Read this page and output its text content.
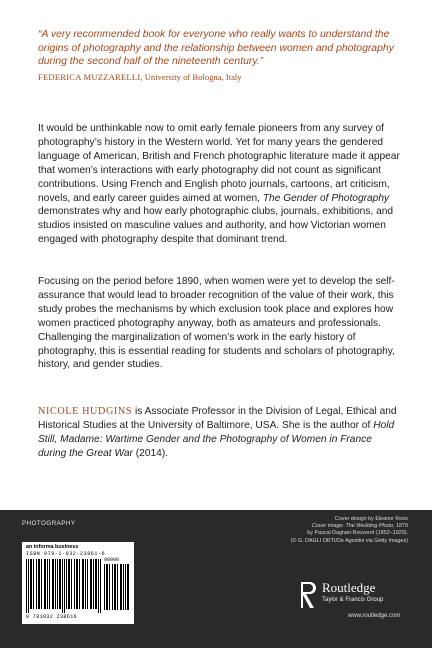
“A very recommended book for everyone who really wants to understand the origins of photography and the relationship between women and photography during the second half of the nineteenth century.”
FEDERICA MUZZARELLI, University of Bologna, Italy
It would be unthinkable now to omit early female pioneers from any survey of photography’s history in the Western world. Yet for many years the gendered language of American, British and French photographic literature made it appear that women’s interactions with early photography did not count as significant contributions. Using French and English photo journals, cartoons, art criticism, novels, and early career guides aimed at women, The Gender of Photography demonstrates why and how early photographic clubs, journals, exhibitions, and studios insisted on masculine values and authority, and how Victorian women engaged with photography despite that dominant trend.
Focusing on the period before 1890, when women were yet to develop the self-assurance that would lead to broader recognition of the value of their work, this study probes the mechanisms by which exclusion took place and explores how women practiced photography anyway, both as amateurs and professionals. Challenging the marginalization of women’s work in the early history of photography, this is essential reading for students and scholars of photography, history, and gender studies.
NICOLE HUDGINS is Associate Professor in the Division of Legal, Ethical and Historical Studies at the University of Baltimore, USA. She is the author of Hold Still, Madame: Wartime Gender and the Photography of Women in France during the Great War (2014).
PHOTOGRAPHY
an informa business
ISBN 978-1-032-23861-6
90000
9 781032 238616
Cover design by Eleanor Rose
Cover image: The Wedding Photo, 1879
by Pascal Dagnan-Bouveret (1852–1929).
(© G. DAGLI ORTI/De Agostini via Getty Images)
Routledge
Taylor & Francis Group
www.routledge.com
